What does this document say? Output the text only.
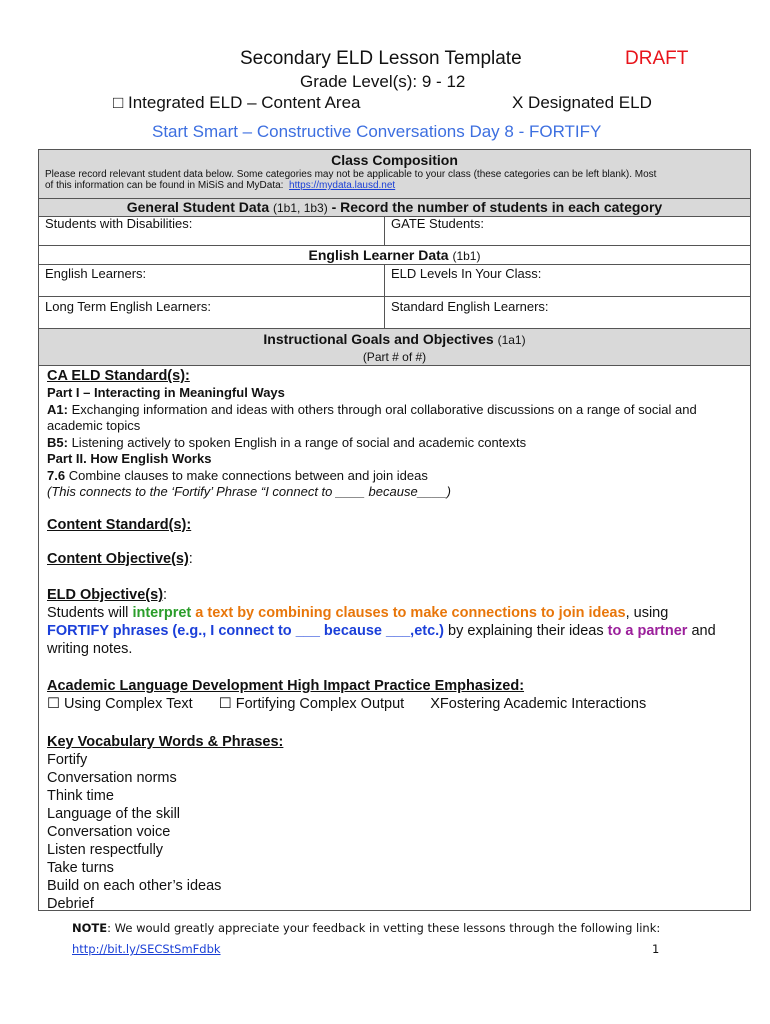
Secondary ELD Lesson Template	DRAFT
Grade Level(s): 9 - 12
□ Integrated ELD – Content Area	X Designated ELD
Start Smart – Constructive Conversations Day 8 - FORTIFY
Class Composition
Please record relevant student data below. Some categories may not be applicable to your class (these categories can be left blank). Most
of this information can be found in MiSiS and MyData: https://mydata.lausd.net
General Student Data (1b1, 1b3) - Record the number of students in each category
Students with Disabilities:	GATE Students:
English Learner Data (1b1)
English Learners:	ELD Levels In Your Class:
Long Term English Learners:	Standard English Learners:
Instructional Goals and Objectives (1a1)
(Part # of #)
CA ELD Standard(s):
Part I – Interacting in Meaningful Ways
A1: Exchanging information and ideas with others through oral collaborative discussions on a range of social and
academic topics
B5: Listening actively to spoken English in a range of social and academic contexts
Part II. How English Works
7.6 Combine clauses to make connections between and join ideas
(This connects to the ‘Fortify’ Phrase “I connect to ____ because____)
Content Standard(s):
Content Objective(s):
ELD Objective(s):
Students will interpret a text by combining clauses to make connections to join ideas, using
FORTIFY phrases (e.g., I connect to ___ because ___,etc.) by explaining their ideas to a partner and
writing notes.
Academic Language Development High Impact Practice Emphasized:
☐ Using Complex Text ☐ Fortifying Complex Output XFostering Academic Interactions
Key Vocabulary Words & Phrases:
Fortify
Conversation norms
Think time
Language of the skill
Conversation voice
Listen respectfully
Take turns
Build on each other’s ideas
Debrief
NOTE: We would greatly appreciate your feedback in vetting these lessons through the following link:
http://bit.ly/SECStSmFdbk	1
